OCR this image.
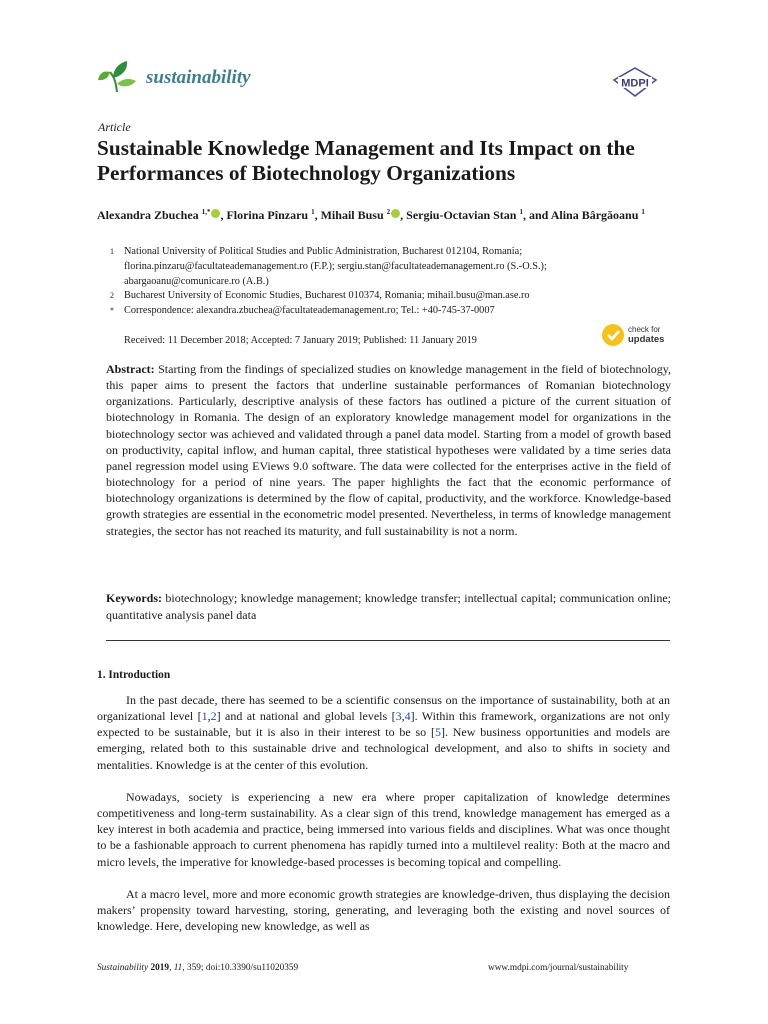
sustainability	MDPI
Article
Sustainable Knowledge Management and Its Impact on the Performances of Biotechnology Organizations
Alexandra Zbuchea $^{1,*}$ , Florina Pînzaru $^1$, Mihail Busu $^2$ , Sergiu-Octavian Stan $^1$, and Alina Bârgăoanu $^1$
1 National University of Political Studies and Public Administration, Bucharest 012104, Romania; florina.pinzaru@facultateademanagement.ro (F.P.); sergiu.stan@facultateademanagement.ro (S.-O.S.); abargaoanu@comunicare.ro (A.B.)
2 Bucharest University of Economic Studies, Bucharest 010374, Romania; mihail.busu@man.ase.ro
* Correspondence: alexandra.zbuchea@facultateademanagement.ro; Tel.: +40-745-37-0007
Received: 11 December 2018; Accepted: 7 January 2019; Published: 11 January 2019
check for
updates
Abstract: Starting from the findings of specialized studies on knowledge management in the field of biotechnology, this paper aims to present the factors that underline sustainable performances of Romanian biotechnology organizations. Particularly, descriptive analysis of these factors has outlined a picture of the current situation of biotechnology in Romania. The design of an exploratory knowledge management model for organizations in the biotechnology sector was achieved and validated through a panel data model. Starting from a model of growth based on productivity, capital inflow, and human capital, three statistical hypotheses were validated by a time series data panel regression model using EViews 9.0 software. The data were collected for the enterprises active in the field of biotechnology for a period of nine years. The paper highlights the fact that the economic performance of biotechnology organizations is determined by the flow of capital, productivity, and the workforce. Knowledge-based growth strategies are essential in the econometric model presented. Nevertheless, in terms of knowledge management strategies, the sector has not reached its maturity, and full sustainability is not a norm.
Keywords: biotechnology; knowledge management; knowledge transfer; intellectual capital; communication online; quantitative analysis panel data
1. Introduction
In the past decade, there has seemed to be a scientific consensus on the importance of sustainability, both at an organizational level [1,2] and at national and global levels [3,4]. Within this framework, organizations are not only expected to be sustainable, but it is also in their interest to be so [5]. New business opportunities and models are emerging, related both to this sustainable drive and technological development, and also to shifts in society and mentalities. Knowledge is at the center of this evolution.
Nowadays, society is experiencing a new era where proper capitalization of knowledge determines competitiveness and long-term sustainability. As a clear sign of this trend, knowledge management has emerged as a key interest in both academia and practice, being immersed into various fields and disciplines. What was once thought to be a fashionable approach to current phenomena has rapidly turned into a multilevel reality: Both at the macro and micro levels, the imperative for knowledge-based processes is becoming topical and compelling.
At a macro level, more and more economic growth strategies are knowledge-driven, thus displaying the decision makers’ propensity toward harvesting, storing, generating, and leveraging both the existing and novel sources of knowledge. Here, developing new knowledge, as well as
Sustainability 2019, 11, 359; doi:10.3390/su11020359	www.mdpi.com/journal/sustainability
